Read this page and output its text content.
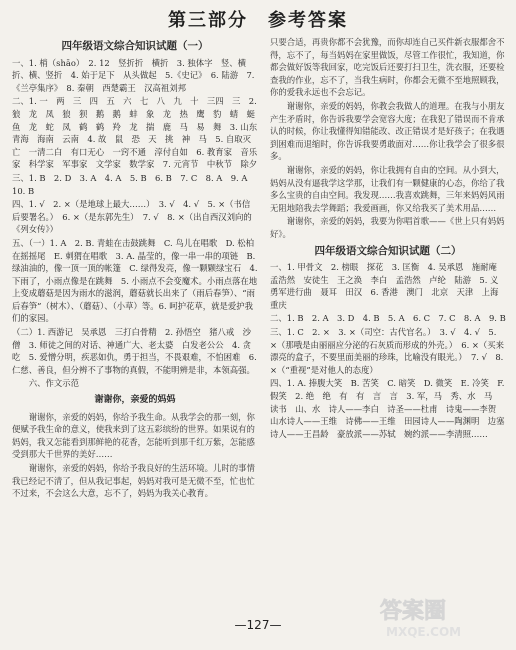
第三部分　参考答案
四年级语文综合知识试题（一）
一、1. 梢（shāo）　2. 12　竖折折　横折　3. 独体字　竖、横折、横、竖折　4. 始于足下　从头做起　5.《史记》　6. 陆游　7.《兰亭集序》　8. 秦朝　西楚霸王　汉高祖刘邦
二、1. 一　两　三　四　五　六　七　八　九　十　三四　三　2. 狼　龙　凤　狼　狈　鹅　鹅　蚌　象　龙　热　鹰　豹　蜻　蜓　鱼　龙　蛇　凤　鹤　鹤　羚　龙　揣　鹿　马　易　舞　3. 山东　青海　海南　云南　4. 故　鼠　恐　天　挑　神　马　5. 自取灭亡　一清二白　有口无心　一窍不通　淳付自如　6. 教育家　音乐家　科学家　军事家　文学家　数学家　7. 元宵节　中秋节　除夕
三、1. B　2. D　3. A　4. A　5. B　6. B　7. C　8. A　9. A　10. B
四、1. √　2. ×（是地球上最大……）　3. √　4. √　5. ×（书信后要署名。）　6. ×（是东郭先生）　7. √　8. ×（出自西汉刘向的《列女传》）
五、（一）1. A　2. B. 青蛙在击鼓跳舞　C. 鸟儿在唱歌　D. 松柏在摇摇尾　E. 刺猬在唱歌　3. A. 晶莹的，像一串一串的项链　B. 绿油油的，像一顶一顶的帐篷　C. 绿得发亮，像一颗颗绿宝石　4. 下雨了，小雨点像是在跳舞　5. 小雨点不会变魔术。小雨点落在地上变成蘑菇是因为雨水的滋润，蘑菇就长出来了（雨后春笋）、“雨后春笋”（树木）、（蘑菇）、（小草）等。6. 呵护花草，就是爱护我们的家园。
（二）1. 西游记　吴承恩　三打白骨精　2. 孙悟空　猪八戒　沙僧　3. 师徒之间的对话、神通广大、老太婆　白发老公公　4. 贪吃　5. 爱憎分明，疾恶如仇，勇于担当，不畏艰难，不怕困难　6. 仁慈、善良，但分辨不了事物的真假，不能明辨是非，本领高强。
六、作文示范
谢谢你，亲爱的妈妈
谢谢你，亲爱的妈妈，你给予我生命。从我学会的那一刻，你便赋予我生命的意义，使我来到了这五彩缤纷的世界。如果说有的妈妈，我又怎能看到那鲜艳的花香，怎能听到那千红万紫，怎能感受到那大千世界的美好……
谢谢你，亲爱的妈妈，你给予我良好的生活环境。儿时的事情我已经记不清了，但从我记事起，妈妈对我可是无微不至，忙也忙不过来，不会这么大意，忘不了，妈妈为我关心教育。
只要合适，再贵你都不会犹豫，而你却连自己买件新衣服都舍不得，忘不了，每当妈妈在家里做饭，尽管工作很忙，我知道，你都会做好饭等我回家，吃完饭后还要打扫卫生，洗衣服，还要检查我的作业，忘不了，当我生病时，你都会无微不至地照顾我，你的爱我永远也不会忘记。
谢谢你，亲爱的妈妈，你教会我做人的道理。在我与小朋友产生矛盾时，你告诉我要学会宽容大度；在我犯了错误而不肯承认的时候，你让我懂得知错能改、改正错误才是好孩子；在我遇到困难而退缩时，你告诉我要勇敢面对……你让我学会了很多很多。
谢谢你，亲爱的妈妈，你让我拥有自由的空间。从小到大，妈妈从没有逼我学这学那，让我们有一颗健康的心态，你给了我多么宝贵的自由空间。我发现……我喜欢跳舞，三年来妈妈风雨无阻地陪我去学舞蹈；我爱画画，你又给我买了美术用品……
谢谢你，亲爱的妈妈，我要为你唱首歌——《世上只有妈妈好》。
四年级语文综合知识试题（二）
一、1. 甲骨文　2. 榜眼　探花　3. 匡衡　4. 吴承恩　施耐庵　孟浩然　安徒生　王之涣　李白　孟浩然　卢纶　陆游　5. 义勇军进行曲　聂耳　田汉　6. 香港　澳门　北京　天津　上海　重庆
二、1. B　2. A　3. D　4. B　5. A　6. C　7. C　8. A　9. B
三、1. C　2. ×　3. ×（司空：古代官名。）　3. √　4. √　5. ×（那哦是由丽丽应分泌的石灰质而形成的外壳。）　6. ×（买来漂亮的盒子，不要里面美丽的珍珠，比喻没有眼光。）　7. √　8. ×（“重视”是对他人的态度）
四、1. A. 捧腹大笑　B. 苦笑　C. 暗笑　D. 微笑　E. 冷笑　F. 假笑　2. 绝　绝　有　有　言　言　3. 军，马　秀、水　马　读书　山、水　诗人——李白　诗圣——杜甫　诗鬼——李贺　山水诗人——王维　诗佛——王维　田园诗人——陶渊明　边塞诗人——王昌龄　豪放派——苏轼　婉约派——李清照……
—127—
答案圈
MXQE.COM
